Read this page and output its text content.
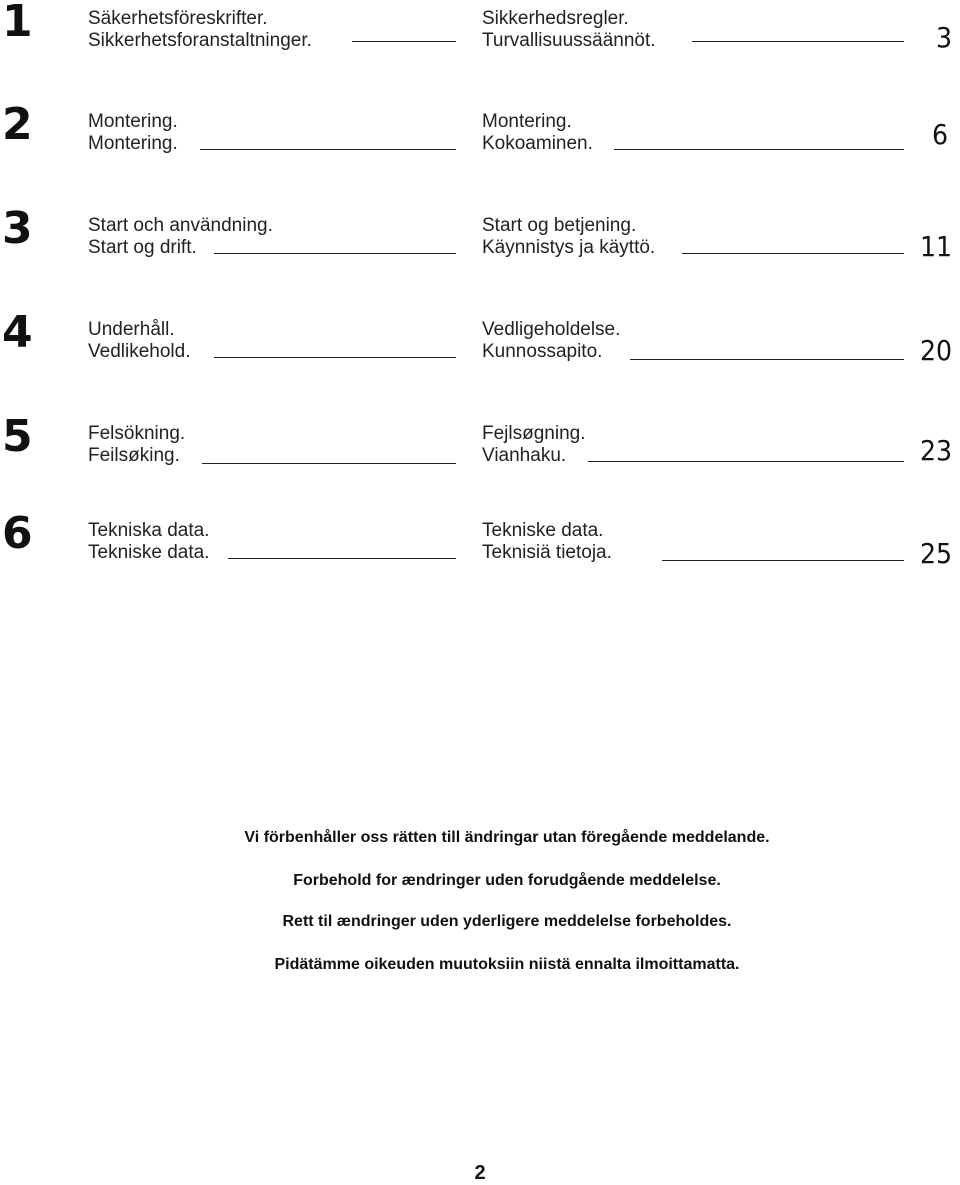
1	Säkerhetsföreskrifter.
Sikkerhetsforanstaltninger.
Sikkerhedsregler.
Turvallisuussäännöt.	3
2	Montering.
Montering.
Montering.
Kokoaminen.	6
3	Start och användning.
Start og drift.
Start og betjening.
Käynnistys ja käyttö.	11
4	Underhåll.
Vedlikehold.
Vedligeholdelse.
Kunnossapito.	20
5	Felsökning.
Feilsøking.
Fejlsøgning.
Vianhaku.	23
6	Tekniska data.
Tekniske data.
Tekniske data.
Teknisiä tietoja.	25
Vi förbenhåller oss rätten till ändringar utan föregående meddelande.
Forbehold for ændringer uden forudgående meddelelse.
Rett til ændringer uden yderligere meddelelse forbeholdes.
Pidätämme oikeuden muutoksiin niistä ennalta ilmoittamatta.
2
